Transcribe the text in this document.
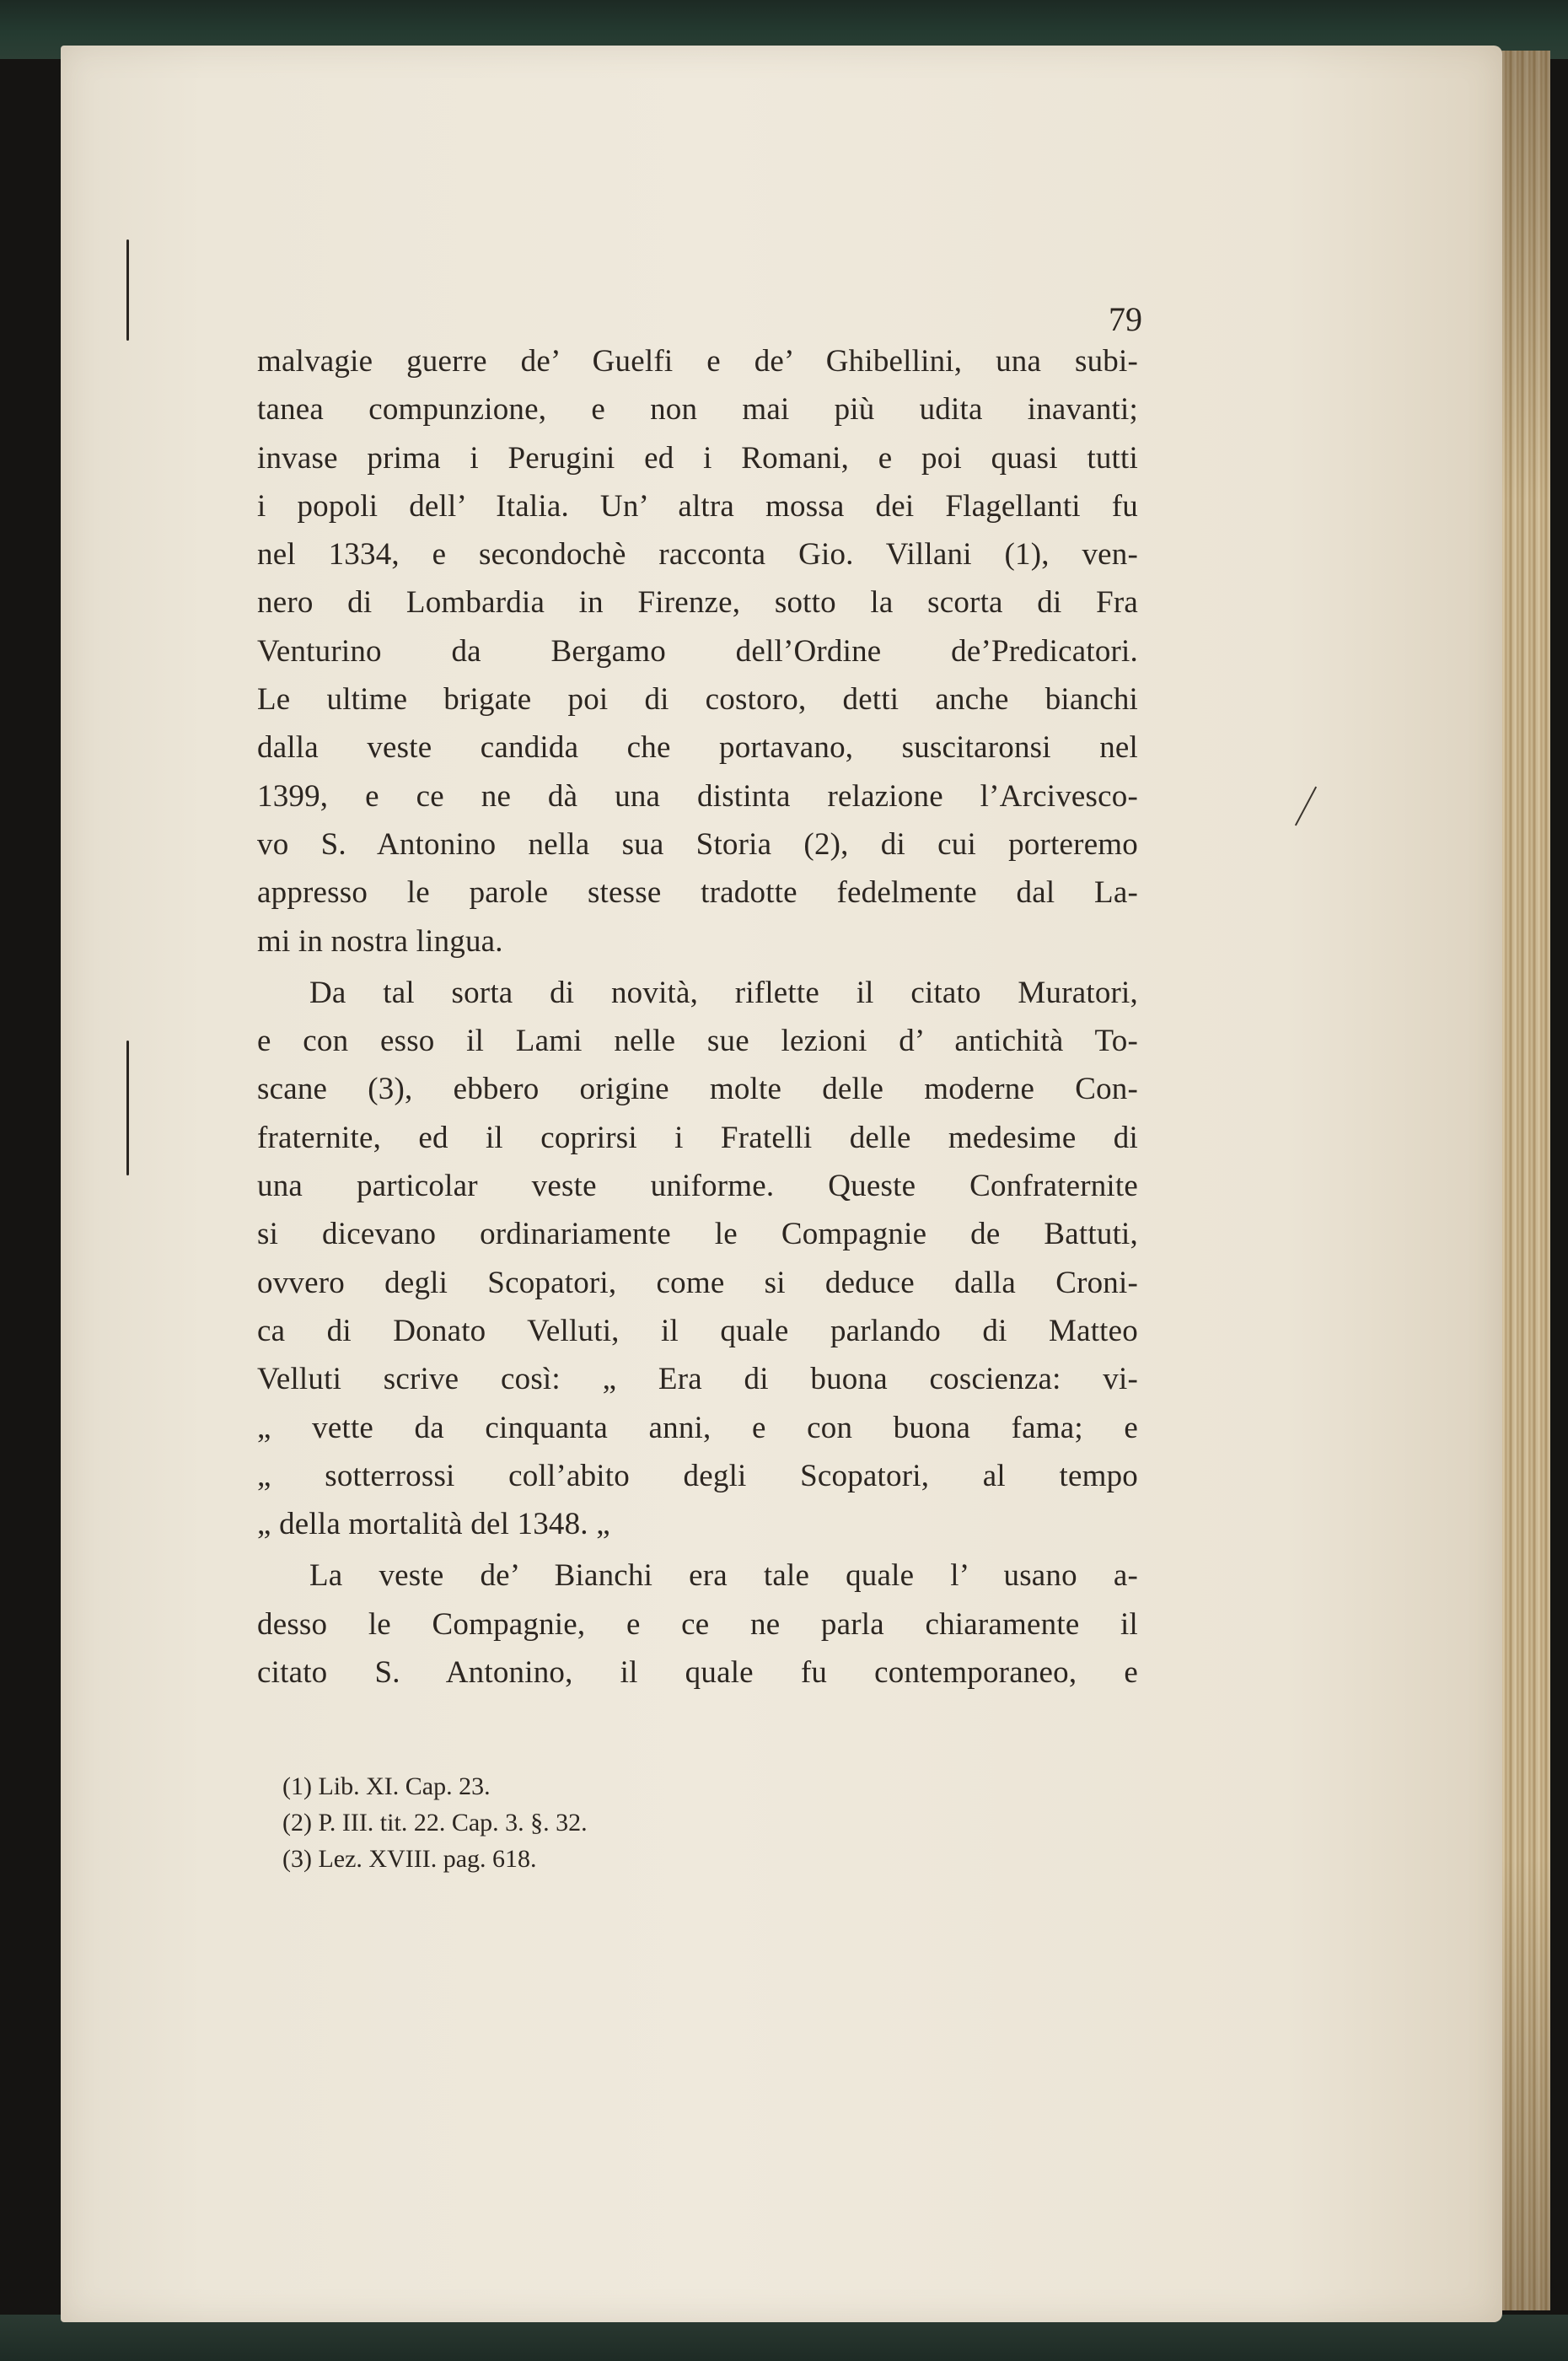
79
malvagie guerre de’ Guelfi e de’ Ghibellini, una subi-
tanea compunzione, e non mai più udita inavanti;
invase prima i Perugini ed i Romani, e poi quasi tutti
i popoli dell’ Italia. Un’ altra mossa dei Flagellanti fu
nel 1334, e secondochè racconta Gio. Villani (1), ven-
nero di Lombardia in Firenze, sotto la scorta di Fra
Venturino da Bergamo dell’Ordine de’Predicatori.
Le ultime brigate poi di costoro, detti anche bianchi
dalla veste candida che portavano, suscitaronsi nel
1399, e ce ne dà una distinta relazione l’Arcivesco-
vo S. Antonino nella sua Storia (2), di cui porteremo
appresso le parole stesse tradotte fedelmente dal La-
mi in nostra lingua.
Da tal sorta di novità, riflette il citato Muratori,
e con esso il Lami nelle sue lezioni d’ antichità To-
scane (3), ebbero origine molte delle moderne Con-
fraternite, ed il coprirsi i Fratelli delle medesime di
una particolar veste uniforme. Queste Confraternite
si dicevano ordinariamente le Compagnie de Battuti,
ovvero degli Scopatori, come si deduce dalla Croni-
ca di Donato Velluti, il quale parlando di Matteo
Velluti scrive così: „ Era di buona coscienza: vi-
„ vette da cinquanta anni, e con buona fama; e
„ sotterrossi coll’abito degli Scopatori, al tempo
„ della mortalità del 1348. „
La veste de’ Bianchi era tale quale l’ usano a-
desso le Compagnie, e ce ne parla chiaramente il
citato S. Antonino, il quale fu contemporaneo, e
(1) Lib. XI. Cap. 23.
(2) P. III. tit. 22. Cap. 3. §. 32.
(3) Lez. XVIII. pag. 618.
